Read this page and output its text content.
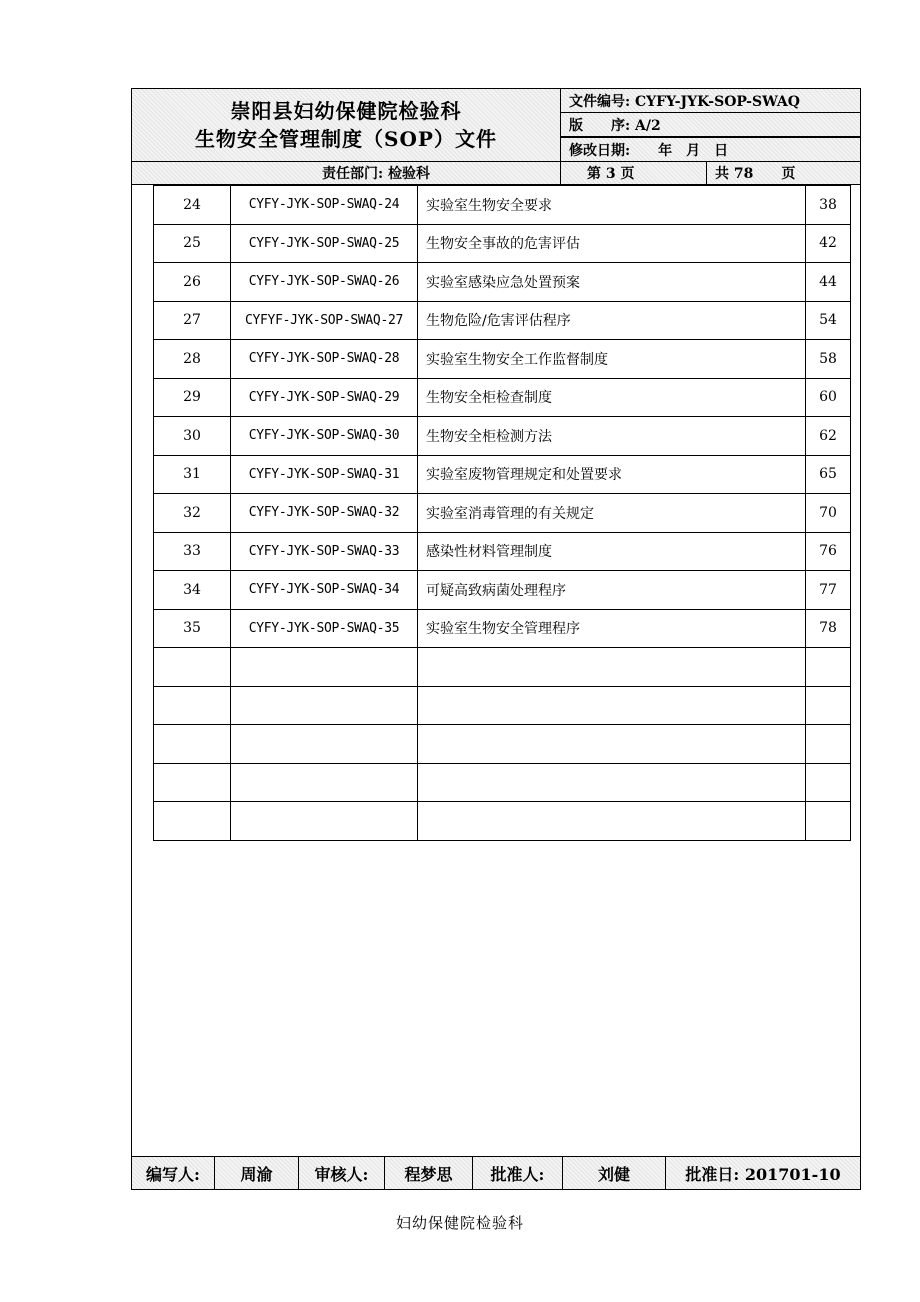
崇阳县妇幼保健院检验科
生物安全管理制度（SOP）文件
文件编号: CYFY-JYK-SOP-SWAQ
版　　序: A/2
修改日期:　　年　月　日
责任部门: 检验科	第 3 页	共 78　　页
24	CYFY-JYK-SOP-SWAQ-24	实验室生物安全要求	38
25	CYFY-JYK-SOP-SWAQ-25	生物安全事故的危害评估	42
26	CYFY-JYK-SOP-SWAQ-26	实验室感染应急处置预案	44
27	CYFYF-JYK-SOP-SWAQ-27	生物危险/危害评估程序	54
28	CYFY-JYK-SOP-SWAQ-28	实验室生物安全工作监督制度	58
29	CYFY-JYK-SOP-SWAQ-29	生物安全柜检查制度	60
30	CYFY-JYK-SOP-SWAQ-30	生物安全柜检测方法	62
31	CYFY-JYK-SOP-SWAQ-31	实验室废物管理规定和处置要求	65
32	CYFY-JYK-SOP-SWAQ-32	实验室消毒管理的有关规定	70
33	CYFY-JYK-SOP-SWAQ-33	感染性材料管理制度	76
34	CYFY-JYK-SOP-SWAQ-34	可疑高致病菌处理程序	77
35	CYFY-JYK-SOP-SWAQ-35	实验室生物安全管理程序	78

编写人:	周渝	审核人:	程梦思	批准人:	刘健	批准日: 201701-10
妇幼保健院检验科
